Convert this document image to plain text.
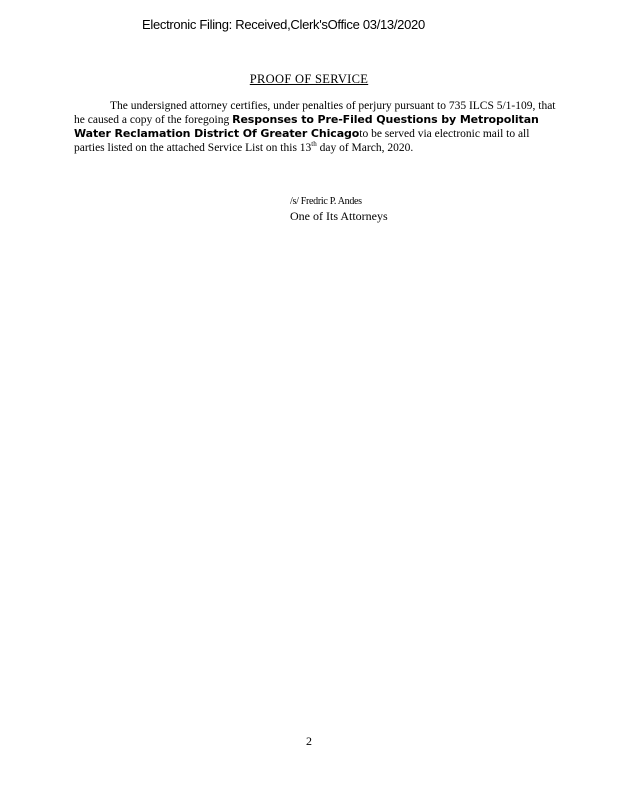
Electronic Filing: Received,Clerk'sOffice 03/13/2020
PROOF OF SERVICE
The undersigned attorney certifies, under penalties of perjury pursuant to 735 ILCS 5/1-109, that he caused a copy of the foregoing Responses to Pre-Filed Questions by Metropolitan Water Reclamation District Of Greater Chicagoto be served via electronic mail to all parties listed on the attached Service List on this 13th day of March, 2020.
/s/ Fredric P. Andes
One of Its Attorneys
2
